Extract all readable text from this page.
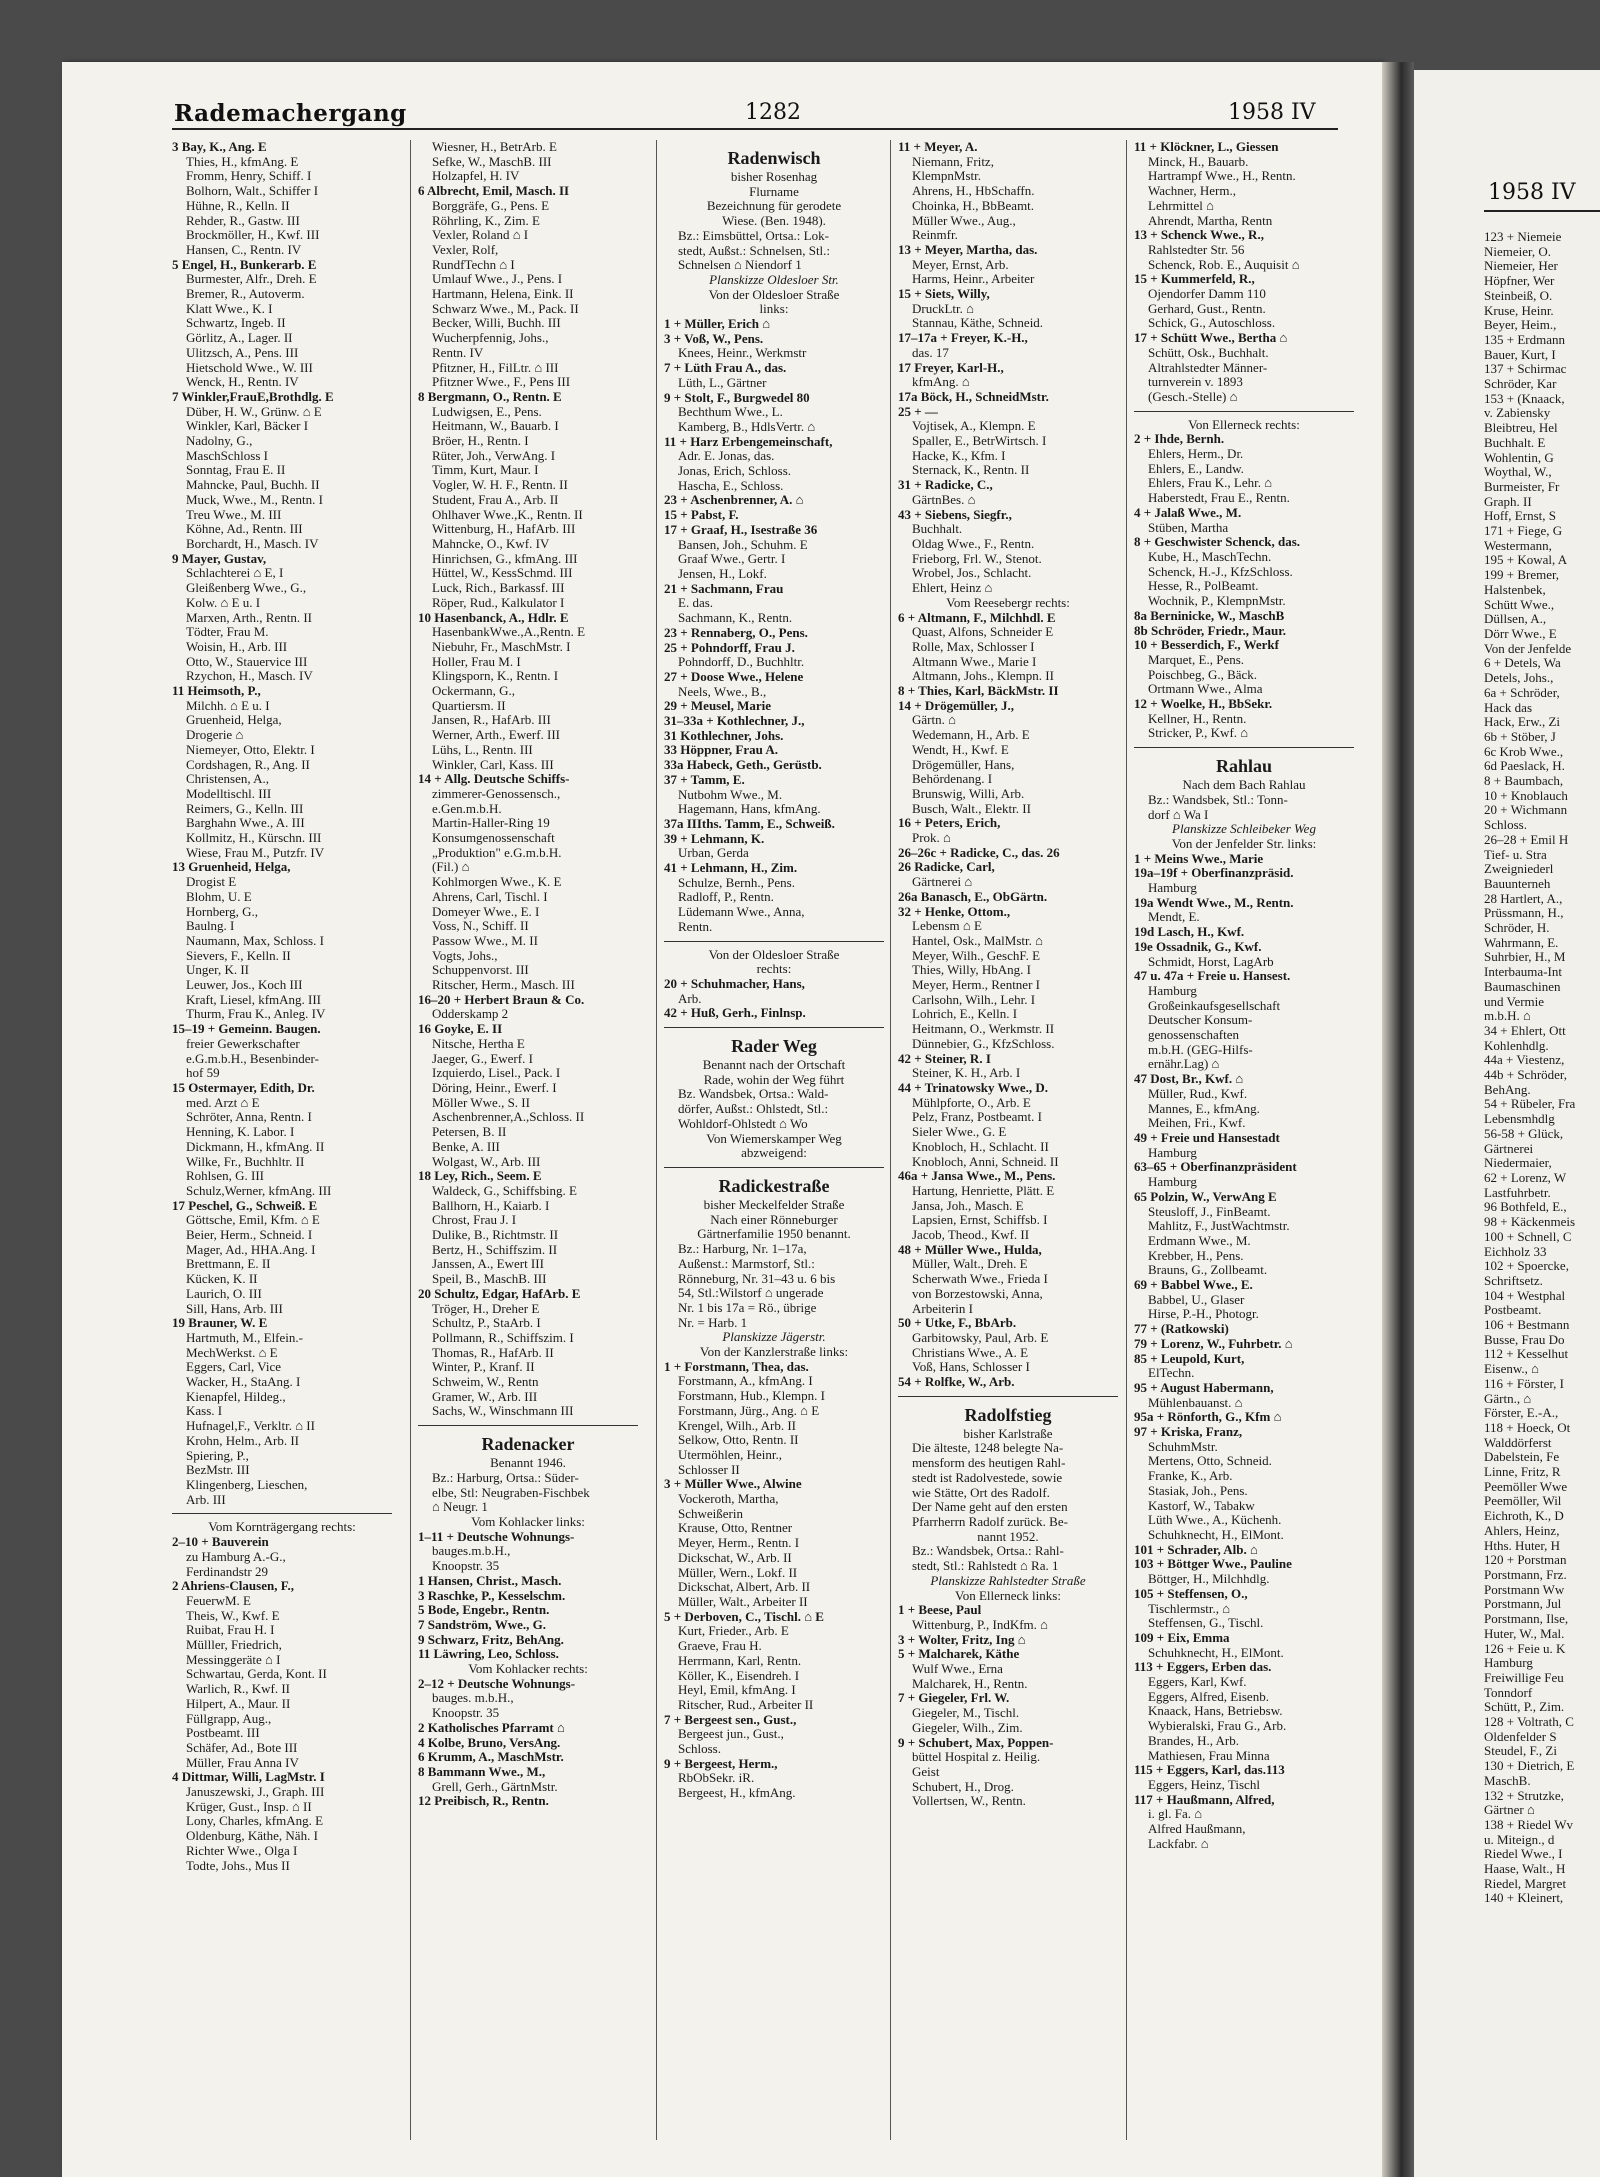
Rademachergang	1282	1958 IV
3 Bay, K., Ang. E
Thies, H., kfmAng. E
Fromm, Henry, Schiff. I
Bolhorn, Walt., Schiffer I
Hühne, R., Kelln. II
Rehder, R., Gastw. III
Brockmöller, H., Kwf. III
Hansen, C., Rentn. IV
5 Engel, H., Bunkerarb. E
Burmester, Alfr., Dreh. E
Bremer, R., Autoverm.
Klatt Wwe., K. I
Schwartz, Ingeb. II
Görlitz, A., Lager. II
Ulitzsch, A., Pens. III
Hietschold Wwe., W. III
Wenck, H., Rentn. IV
7 Winkler,FrauE,Brothdlg. E
Düber, H. W., Grünw. ⌂ E
Winkler, Karl, Bäcker I
Nadolny, G.,
MaschSchloss I
Sonntag, Frau E. II
Mahncke, Paul, Buchh. II
Muck, Wwe., M., Rentn. I
Treu Wwe., M. III
Köhne, Ad., Rentn. III
Borchardt, H., Masch. IV
9 Mayer, Gustav,
Schlachterei ⌂ E, I
Gleißenberg Wwe., G.,
Kolw. ⌂ E u. I
Marxen, Arth., Rentn. II
Tödter, Frau M.
Woisin, H., Arb. III
Otto, W., Stauervice III
Rzychon, H., Masch. IV
11 Heimsoth, P.,
Milchh. ⌂ E u. I
Gruenheid, Helga,
Drogerie ⌂
Niemeyer, Otto, Elektr. I
Cordshagen, R., Ang. II
Christensen, A.,
Modelltischl. III
Reimers, G., Kelln. III
Barghahn Wwe., A. III
Kollmitz, H., Kürschn. III
Wiese, Frau M., Putzfr. IV
13 Gruenheid, Helga,
Drogist E
Blohm, U. E
Hornberg, G.,
Baulng. I
Naumann, Max, Schloss. I
Sievers, F., Kelln. II
Unger, K. II
Leuwer, Jos., Koch III
Kraft, Liesel, kfmAng. III
Thurm, Frau K., Anleg. IV
15–19 + Gemeinn. Baugen.
freier Gewerkschafter
e.G.m.b.H., Besenbinder-
hof 59
15 Ostermayer, Edith, Dr.
med. Arzt ⌂ E
Schröter, Anna, Rentn. I
Henning, K. Labor. I
Dickmann, H., kfmAng. II
Wilke, Fr., Buchhltr. II
Rohlsen, G. III
Schulz,Werner, kfmAng. III
17 Peschel, G., Schweiß. E
Göttsche, Emil, Kfm. ⌂ E
Beier, Herm., Schneid. I
Mager, Ad., HHA.Ang. I
Brettmann, E. II
Kücken, K. II
Laurich, O. III
Sill, Hans, Arb. III
19 Brauner, W. E
Hartmuth, M., Elfein.-
MechWerkst. ⌂ E
Eggers, Carl, Vice
Wacker, H., StaAng. I
Kienapfel, Hildeg.,
Kass. I
Hufnagel,F., Verkltr. ⌂ II
Krohn, Helm., Arb. II
Spiering, P.,
BezMstr. III
Klingenberg, Lieschen,
Arb. III
Vom Kornträgergang rechts:
2–10 + Bauverein
zu Hamburg A.-G.,
Ferdinandstr 29
2 Ahriens-Clausen, F.,
FeuerwM. E
Theis, W., Kwf. E
Ruibat, Frau H. I
Mülller, Friedrich,
Messinggeräte ⌂ I
Schwartau, Gerda, Kont. II
Warlich, R., Kwf. II
Hilpert, A., Maur. II
Füllgrapp, Aug.,
Postbeamt. III
Schäfer, Ad., Bote III
Müller, Frau Anna IV
4 Dittmar, Willi, LagMstr. I
Januszewski, J., Graph. III
Krüger, Gust., Insp. ⌂ II
Lony, Charles, kfmAng. E
Oldenburg, Käthe, Näh. I
Richter Wwe., Olga I
Todte, Johs., Mus II
Wiesner, H., BetrArb. E
Sefke, W., MaschB. III
Holzapfel, H. IV
6 Albrecht, Emil, Masch. II
Borggräfe, G., Pens. E
Röhrling, K., Zim. E
Vexler, Roland ⌂ I
Vexler, Rolf,
RundfTechn ⌂ I
Umlauf Wwe., J., Pens. I
Hartmann, Helena, Eink. II
Schwarz Wwe., M., Pack. II
Becker, Willi, Buchh. III
Wucherpfennig, Johs.,
Rentn. IV
Pfitzner, H., FilLtr. ⌂ III
Pfitzner Wwe., F., Pens III
8 Bergmann, O., Rentn. E
Ludwigsen, E., Pens.
Heitmann, W., Bauarb. I
Bröer, H., Rentn. I
Rüter, Joh., VerwAng. I
Timm, Kurt, Maur. I
Vogler, W. H. F., Rentn. II
Student, Frau A., Arb. II
Ohlhaver Wwe.,K., Rentn. II
Wittenburg, H., HafArb. III
Mahncke, O., Kwf. IV
Hinrichsen, G., kfmAng. III
Hüttel, W., KessSchmd. III
Luck, Rich., Barkassf. III
Röper, Rud., Kalkulator I
10 Hasenbanck, A., Hdlr. E
HasenbankWwe.,A.,Rentn. E
Niebuhr, Fr., MaschMstr. I
Holler, Frau M. I
Klingsporn, K., Rentn. I
Ockermann, G.,
Quartiersm. II
Jansen, R., HafArb. III
Werner, Arth., Ewerf. III
Lühs, L., Rentn. III
Winkler, Carl, Kass. III
14 + Allg. Deutsche Schiffs-
zimmerer-Genossensch.,
e.Gen.m.b.H.
Martin-Haller-Ring 19
Konsumgenossenschaft
„Produktion" e.G.m.b.H.
(Fil.) ⌂
Kohlmorgen Wwe., K. E
Ahrens, Carl, Tischl. I
Domeyer Wwe., E. I
Voss, N., Schiff. II
Passow Wwe., M. II
Vogts, Johs.,
Schuppenvorst. III
Ritscher, Herm., Masch. III
16–20 + Herbert Braun & Co.
Odderskamp 2
16 Goyke, E. II
Nitsche, Hertha E
Jaeger, G., Ewerf. I
Izquierdo, Lisel., Pack. I
Döring, Heinr., Ewerf. I
Möller Wwe., S. II
Aschenbrenner,A.,Schloss. II
Petersen, B. II
Benke, A. III
Wolgast, W., Arb. III
18 Ley, Rich., Seem. E
Waldeck, G., Schiffsbing. E
Ballhorn, H., Kaiarb. I
Chrost, Frau J. I
Dulike, B., Richtmstr. II
Bertz, H., Schiffszim. II
Janssen, A., Ewert III
Speil, B., MaschB. III
20 Schultz, Edgar, HafArb. E
Tröger, H., Dreher E
Schultz, P., StaArb. I
Pollmann, R., Schiffszim. I
Thomas, R., HafArb. II
Winter, P., Kranf. II
Schweim, W., Rentn
Gramer, W., Arb. III
Sachs, W., Winschmann III
Radenacker
Benannt 1946.
Bz.: Harburg, Ortsa.: Süder-
elbe, Stl: Neugraben-Fischbek
⌂ Neugr. 1
Vom Kohlacker links:
1–11 + Deutsche Wohnungs-
bauges.m.b.H.,
Knoopstr. 35
1 Hansen, Christ., Masch.
3 Raschke, P., Kesselschm.
5 Bode, Engebr., Rentn.
7 Sandström, Wwe., G.
9 Schwarz, Fritz, BehAng.
11 Läwring, Leo, Schloss.
Vom Kohlacker rechts:
2–12 + Deutsche Wohnungs-
bauges. m.b.H.,
Knoopstr. 35
2 Katholisches Pfarramt ⌂
4 Kolbe, Bruno, VersAng.
6 Krumm, A., MaschMstr.
8 Bammann Wwe., M.,
Grell, Gerh., GärtnMstr.
12 Preibisch, R., Rentn.
Radenwisch
bisher Rosenhag
Flurname
Bezeichnung für gerodete
Wiese. (Ben. 1948).
Bz.: Eimsbüttel, Ortsa.: Lok-
stedt, Außst.: Schnelsen, Stl.:
Schnelsen ⌂ Niendorf 1
Planskizze Oldesloer Str.
Von der Oldesloer Straße
links:
1 + Müller, Erich ⌂
3 + Voß, W., Pens.
Knees, Heinr., Werkmstr
7 + Lüth Frau A., das.
Lüth, L., Gärtner
9 + Stolt, F., Burgwedel 80
Bechthum Wwe., L.
Kamberg, B., HdlsVertr. ⌂
11 + Harz Erbengemeinschaft,
Adr. E. Jonas, das.
Jonas, Erich, Schloss.
Hascha, E., Schloss.
23 + Aschenbrenner, A. ⌂
15 + Pabst, F.
17 + Graaf, H., Isestraße 36
Bansen, Joh., Schuhm. E
Graaf Wwe., Gertr. I
Jensen, H., Lokf.
21 + Sachmann, Frau
E. das.
Sachmann, K., Rentn.
23 + Rennaberg, O., Pens.
25 + Pohndorff, Frau J.
Pohndorff, D., Buchhltr.
27 + Doose Wwe., Helene
Neels, Wwe., B.,
29 + Meusel, Marie
31–33a + Kothlechner, J.,
31 Kothlechner, Johs.
33 Höppner, Frau A.
33a Habeck, Geth., Gerüstb.
37 + Tamm, E.
Nutbohm Wwe., M.
Hagemann, Hans, kfmAng.
37a IIIths. Tamm, E., Schweiß.
39 + Lehmann, K.
Urban, Gerda
41 + Lehmann, H., Zim.
Schulze, Bernh., Pens.
Radloff, P., Rentn.
Lüdemann Wwe., Anna,
Rentn.
Von der Oldesloer Straße
rechts:
20 + Schuhmacher, Hans,
Arb.
42 + Huß, Gerh., Finlnsp.
Rader Weg
Benannt nach der Ortschaft
Rade, wohin der Weg führt
Bz. Wandsbek, Ortsa.: Wald-
dörfer, Außst.: Ohlstedt, Stl.:
Wohldorf-Ohlstedt ⌂ Wo
Von Wiemerskamper Weg
abzweigend:
Radickestraße
bisher Meckelfelder Straße
Nach einer Rönneburger
Gärtnerfamilie 1950 benannt.
Bz.: Harburg, Nr. 1–17a,
Außenst.: Marmstorf, Stl.:
Rönneburg, Nr. 31–43 u. 6 bis
54, Stl.:Wilstorf ⌂ ungerade
Nr. 1 bis 17a = Rö., übrige
Nr. = Harb. 1
Planskizze Jägerstr.
Von der Kanzlerstraße links:
1 + Forstmann, Thea, das.
Forstmann, A., kfmAng. I
Forstmann, Hub., Klempn. I
Forstmann, Jürg., Ang. ⌂ E
Krengel, Wilh., Arb. II
Selkow, Otto, Rentn. II
Utermöhlen, Heinr.,
Schlosser II
3 + Müller Wwe., Alwine
Vockeroth, Martha,
Schweißerin
Krause, Otto, Rentner
Meyer, Herm., Rentn. I
Dickschat, W., Arb. II
Müller, Wern., Lokf. II
Dickschat, Albert, Arb. II
Müller, Walt., Arbeiter II
5 + Derboven, C., Tischl. ⌂ E
Kurt, Frieder., Arb. E
Graeve, Frau H.
Herrmann, Karl, Rentn.
Köller, K., Eisendreh. I
Heyl, Emil, kfmAng. I
Ritscher, Rud., Arbeiter II
7 + Bergeest sen., Gust.,
Bergeest jun., Gust.,
Schloss.
9 + Bergeest, Herm.,
RbObSekr. iR.
Bergeest, H., kfmAng.
11 + Meyer, A.
Niemann, Fritz,
KlempnMstr.
Ahrens, H., HbSchaffn.
Choinka, H., BbBeamt.
Müller Wwe., Aug.,
Reinmfr.
13 + Meyer, Martha, das.
Meyer, Ernst, Arb.
Harms, Heinr., Arbeiter
15 + Siets, Willy,
DruckLtr. ⌂
Stannau, Käthe, Schneid.
17–17a + Freyer, K.-H.,
das. 17
17 Freyer, Karl-H.,
kfmAng. ⌂
17a Böck, H., SchneidMstr.
25 + —
Vojtisek, A., Klempn. E
Spaller, E., BetrWirtsch. I
Hacke, K., Kfm. I
Sternack, K., Rentn. II
31 + Radicke, C.,
GärtnBes. ⌂
43 + Siebens, Siegfr.,
Buchhalt.
Oldag Wwe., F., Rentn.
Frieborg, Frl. W., Stenot.
Wrobel, Jos., Schlacht.
Ehlert, Heinz ⌂
Vom Reesebergr rechts:
6 + Altmann, F., Milchhdl. E
Quast, Alfons, Schneider E
Rolle, Max, Schlosser I
Altmann Wwe., Marie I
Altmann, Johs., Klempn. II
8 + Thies, Karl, BäckMstr. II
14 + Drögemüller, J.,
Gärtn. ⌂
Wedemann, H., Arb. E
Wendt, H., Kwf. E
Drögemüller, Hans,
Behördenang. I
Brunswig, Willi, Arb.
Busch, Walt., Elektr. II
16 + Peters, Erich,
Prok. ⌂
26–26c + Radicke, C., das. 26
26 Radicke, Carl,
Gärtnerei ⌂
26a Banasch, E., ObGärtn.
32 + Henke, Ottom.,
Lebensm ⌂ E
Hantel, Osk., MalMstr. ⌂
Meyer, Wilh., GeschF. E
Thies, Willy, HbAng. I
Meyer, Herm., Rentner I
Carlsohn, Wilh., Lehr. I
Lohrich, E., Kelln. I
Heitmann, O., Werkmstr. II
Dünnebier, G., KfzSchloss.
42 + Steiner, R. I
Steiner, K. H., Arb. I
44 + Trinatowsky Wwe., D.
Mühlpforte, O., Arb. E
Pelz, Franz, Postbeamt. I
Sieler Wwe., G. E
Knobloch, H., Schlacht. II
Knobloch, Anni, Schneid. II
46a + Jansa Wwe., M., Pens.
Hartung, Henriette, Plätt. E
Jansa, Joh., Masch. E
Lapsien, Ernst, Schiffsb. I
Jacob, Theod., Kwf. II
48 + Müller Wwe., Hulda,
Müller, Walt., Dreh. E
Scherwath Wwe., Frieda I
von Borzestowski, Anna,
Arbeiterin I
50 + Utke, F., BbArb.
Garbitowsky, Paul, Arb. E
Christians Wwe., A. E
Voß, Hans, Schlosser I
54 + Rolfke, W., Arb.
Radolfstieg
bisher Karlstraße
Die älteste, 1248 belegte Na-
mensform des heutigen Rahl-
stedt ist Radolvestede, sowie
wie Stätte, Ort des Radolf.
Der Name geht auf den ersten
Pfarrherrn Radolf zurück. Be-
nannt 1952.
Bz.: Wandsbek, Ortsa.: Rahl-
stedt, Stl.: Rahlstedt ⌂ Ra. 1
Planskizze Rahlstedter Straße
Von Ellerneck links:
1 + Beese, Paul
Wittenburg, P., IndKfm. ⌂
3 + Wolter, Fritz, Ing ⌂
5 + Malcharek, Käthe
Wulf Wwe., Erna
Malcharek, H., Rentn.
7 + Giegeler, Frl. W.
Giegeler, M., Tischl.
Giegeler, Wilh., Zim.
9 + Schubert, Max, Poppen-
büttel Hospital z. Heilig.
Geist
Schubert, H., Drog.
Vollertsen, W., Rentn.
11 + Klöckner, L., Giessen
Minck, H., Bauarb.
Hartrampf Wwe., H., Rentn.
Wachner, Herm.,
Lehrmittel ⌂
Ahrendt, Martha, Rentn
13 + Schenck Wwe., R.,
Rahlstedter Str. 56
Schenck, Rob. E., Auquisit ⌂
15 + Kummerfeld, R.,
Ojendorfer Damm 110
Gerhard, Gust., Rentn.
Schick, G., Autoschloss.
17 + Schütt Wwe., Bertha ⌂
Schütt, Osk., Buchhalt.
Altrahlstedter Männer-
turnverein v. 1893
(Gesch.-Stelle) ⌂
Von Ellerneck rechts:
2 + Ihde, Bernh.
Ehlers, Herm., Dr.
Ehlers, E., Landw.
Ehlers, Frau K., Lehr. ⌂
Haberstedt, Frau E., Rentn.
4 + Jalaß Wwe., M.
Stüben, Martha
8 + Geschwister Schenck, das.
Kube, H., MaschTechn.
Schenck, H.-J., KfzSchloss.
Hesse, R., PolBeamt.
Wochnik, P., KlempnMstr.
8a Berninicke, W., MaschB
8b Schröder, Friedr., Maur.
10 + Besserdich, F., Werkf
Marquet, E., Pens.
Poischbeg, G., Bäck.
Ortmann Wwe., Alma
12 + Woelke, H., BbSekr.
Kellner, H., Rentn.
Stricker, P., Kwf. ⌂
Rahlau
Nach dem Bach Rahlau
Bz.: Wandsbek, Stl.: Tonn-
dorf ⌂ Wa I
Planskizze Schleibeker Weg
Von der Jenfelder Str. links:
1 + Meins Wwe., Marie
19a–19f + Oberfinanzpräsid.
Hamburg
19a Wendt Wwe., M., Rentn.
Mendt, E.
19d Lasch, H., Kwf.
19e Ossadnik, G., Kwf.
Schmidt, Horst, LagArb
47 u. 47a + Freie u. Hansest.
Hamburg
Großeinkaufsgesellschaft
Deutscher Konsum-
genossenschaften
m.b.H. (GEG-Hilfs-
ernähr.Lag) ⌂
47 Dost, Br., Kwf. ⌂
Müller, Rud., Kwf.
Mannes, E., kfmAng.
Meihen, Fri., Kwf.
49 + Freie und Hansestadt
Hamburg
63–65 + Oberfinanzpräsident
Hamburg
65 Polzin, W., VerwAng E
Steusloff, J., FinBeamt.
Mahlitz, F., JustWachtmstr.
Erdmann Wwe., M.
Krebber, H., Pens.
Brauns, G., Zollbeamt.
69 + Babbel Wwe., E.
Babbel, U., Glaser
Hirse, P.-H., Photogr.
77 + (Ratkowski)
79 + Lorenz, W., Fuhrbetr. ⌂
85 + Leupold, Kurt,
ElTechn.
95 + August Habermann,
Mühlenbauanst. ⌂
95a + Rönforth, G., Kfm ⌂
97 + Kriska, Franz,
SchuhmMstr.
Mertens, Otto, Schneid.
Franke, K., Arb.
Stasiak, Joh., Pens.
Kastorf, W., Tabakw
Lüth Wwe., A., Küchenh.
Schuhknecht, H., ElMont.
101 + Schrader, Alb. ⌂
103 + Böttger Wwe., Pauline
Böttger, H., Milchhdlg.
105 + Steffensen, O.,
Tischlermstr., ⌂
Steffensen, G., Tischl.
109 + Eix, Emma
Schuhknecht, H., ElMont.
113 + Eggers, Erben das.
Eggers, Karl, Kwf.
Eggers, Alfred, Eisenb.
Knaack, Hans, Betriebsw.
Wybieralski, Frau G., Arb.
Brandes, H., Arb.
Mathiesen, Frau Minna
115 + Eggers, Karl, das.113
Eggers, Heinz, Tischl
117 + Haußmann, Alfred,
i. gl. Fa. ⌂
Alfred Haußmann,
Lackfabr. ⌂
1958 IV
123 + Niemeie
Niemeier, O.
Niemeier, Her
Höpfner, Wer
Steinbeiß, O.
Kruse, Heinr.
Beyer, Heim.,
135 + Erdmann
Bauer, Kurt, I
137 + Schirmac
Schröder, Kar
153 + (Knaack,
v. Zabiensky
Bleibtreu, Hel
Buchhalt. E
Wohlentin, G
Woythal, W.,
Burmeister, Fr
Graph. II
Hoff, Ernst, S
171 + Fiege, G
Westermann,
195 + Kowal, A
199 + Bremer,
Halstenbek,
Schütt Wwe.,
Düllsen, A.,
Dörr Wwe., E
Von der Jenfelde
6 + Detels, Wa
Detels, Johs.,
6a + Schröder,
Hack das
Hack, Erw., Zi
6b + Stöber, J
6c Krob Wwe.,
6d Paeslack, H.
8 + Baumbach,
10 + Knoblauch
20 + Wichmann
Schloss.
26–28 + Emil H
Tief- u. Stra
Zweigniederl
Bauunterneh
28 Hartlert, A.,
Prüssmann, H.,
Schröder, H.
Wahrmann, E.
Suhrbier, H., M
Interbauma-Int
Baumaschinen
und Vermie
m.b.H. ⌂
34 + Ehlert, Ott
Kohlenhdlg.
44a + Viestenz,
44b + Schröder,
BehAng.
54 + Rübeler, Fra
Lebensmhdlg
56-58 + Glück,
Gärtnerei
Niedermaier,
62 + Lorenz, W
Lastfuhrbetr.
96 Bothfeld, E.,
98 + Käckenmeis
100 + Schnell, C
Eichholz 33
102 + Spoercke,
Schriftsetz.
104 + Westphal
Postbeamt.
106 + Bestmann
Busse, Frau Do
112 + Kesselhut
Eisenw., ⌂
116 + Förster, I
Gärtn., ⌂
Förster, E.-A.,
118 + Hoeck, Ot
Walddörferst
Dabelstein, Fe
Linne, Fritz, R
Peemöller Wwe
Peemöller, Wil
Eichroth, K., D
Ahlers, Heinz,
Hths. Huter, H
120 + Porstman
Porstmann, Frz.
Porstmann Ww
Porstmann, Jul
Porstmann, Ilse,
Huter, W., Mal.
126 + Feie u. K
Hamburg
Freiwillige Feu
Tonndorf
Schütt, P., Zim.
128 + Voltrath, C
Oldenfelder S
Steudel, F., Zi
130 + Dietrich, E
MaschB.
132 + Strutzke,
Gärtner ⌂
138 + Riedel Wv
u. Miteign., d
Riedel Wwe., I
Haase, Walt., H
Riedel, Margret
140 + Kleinert,
